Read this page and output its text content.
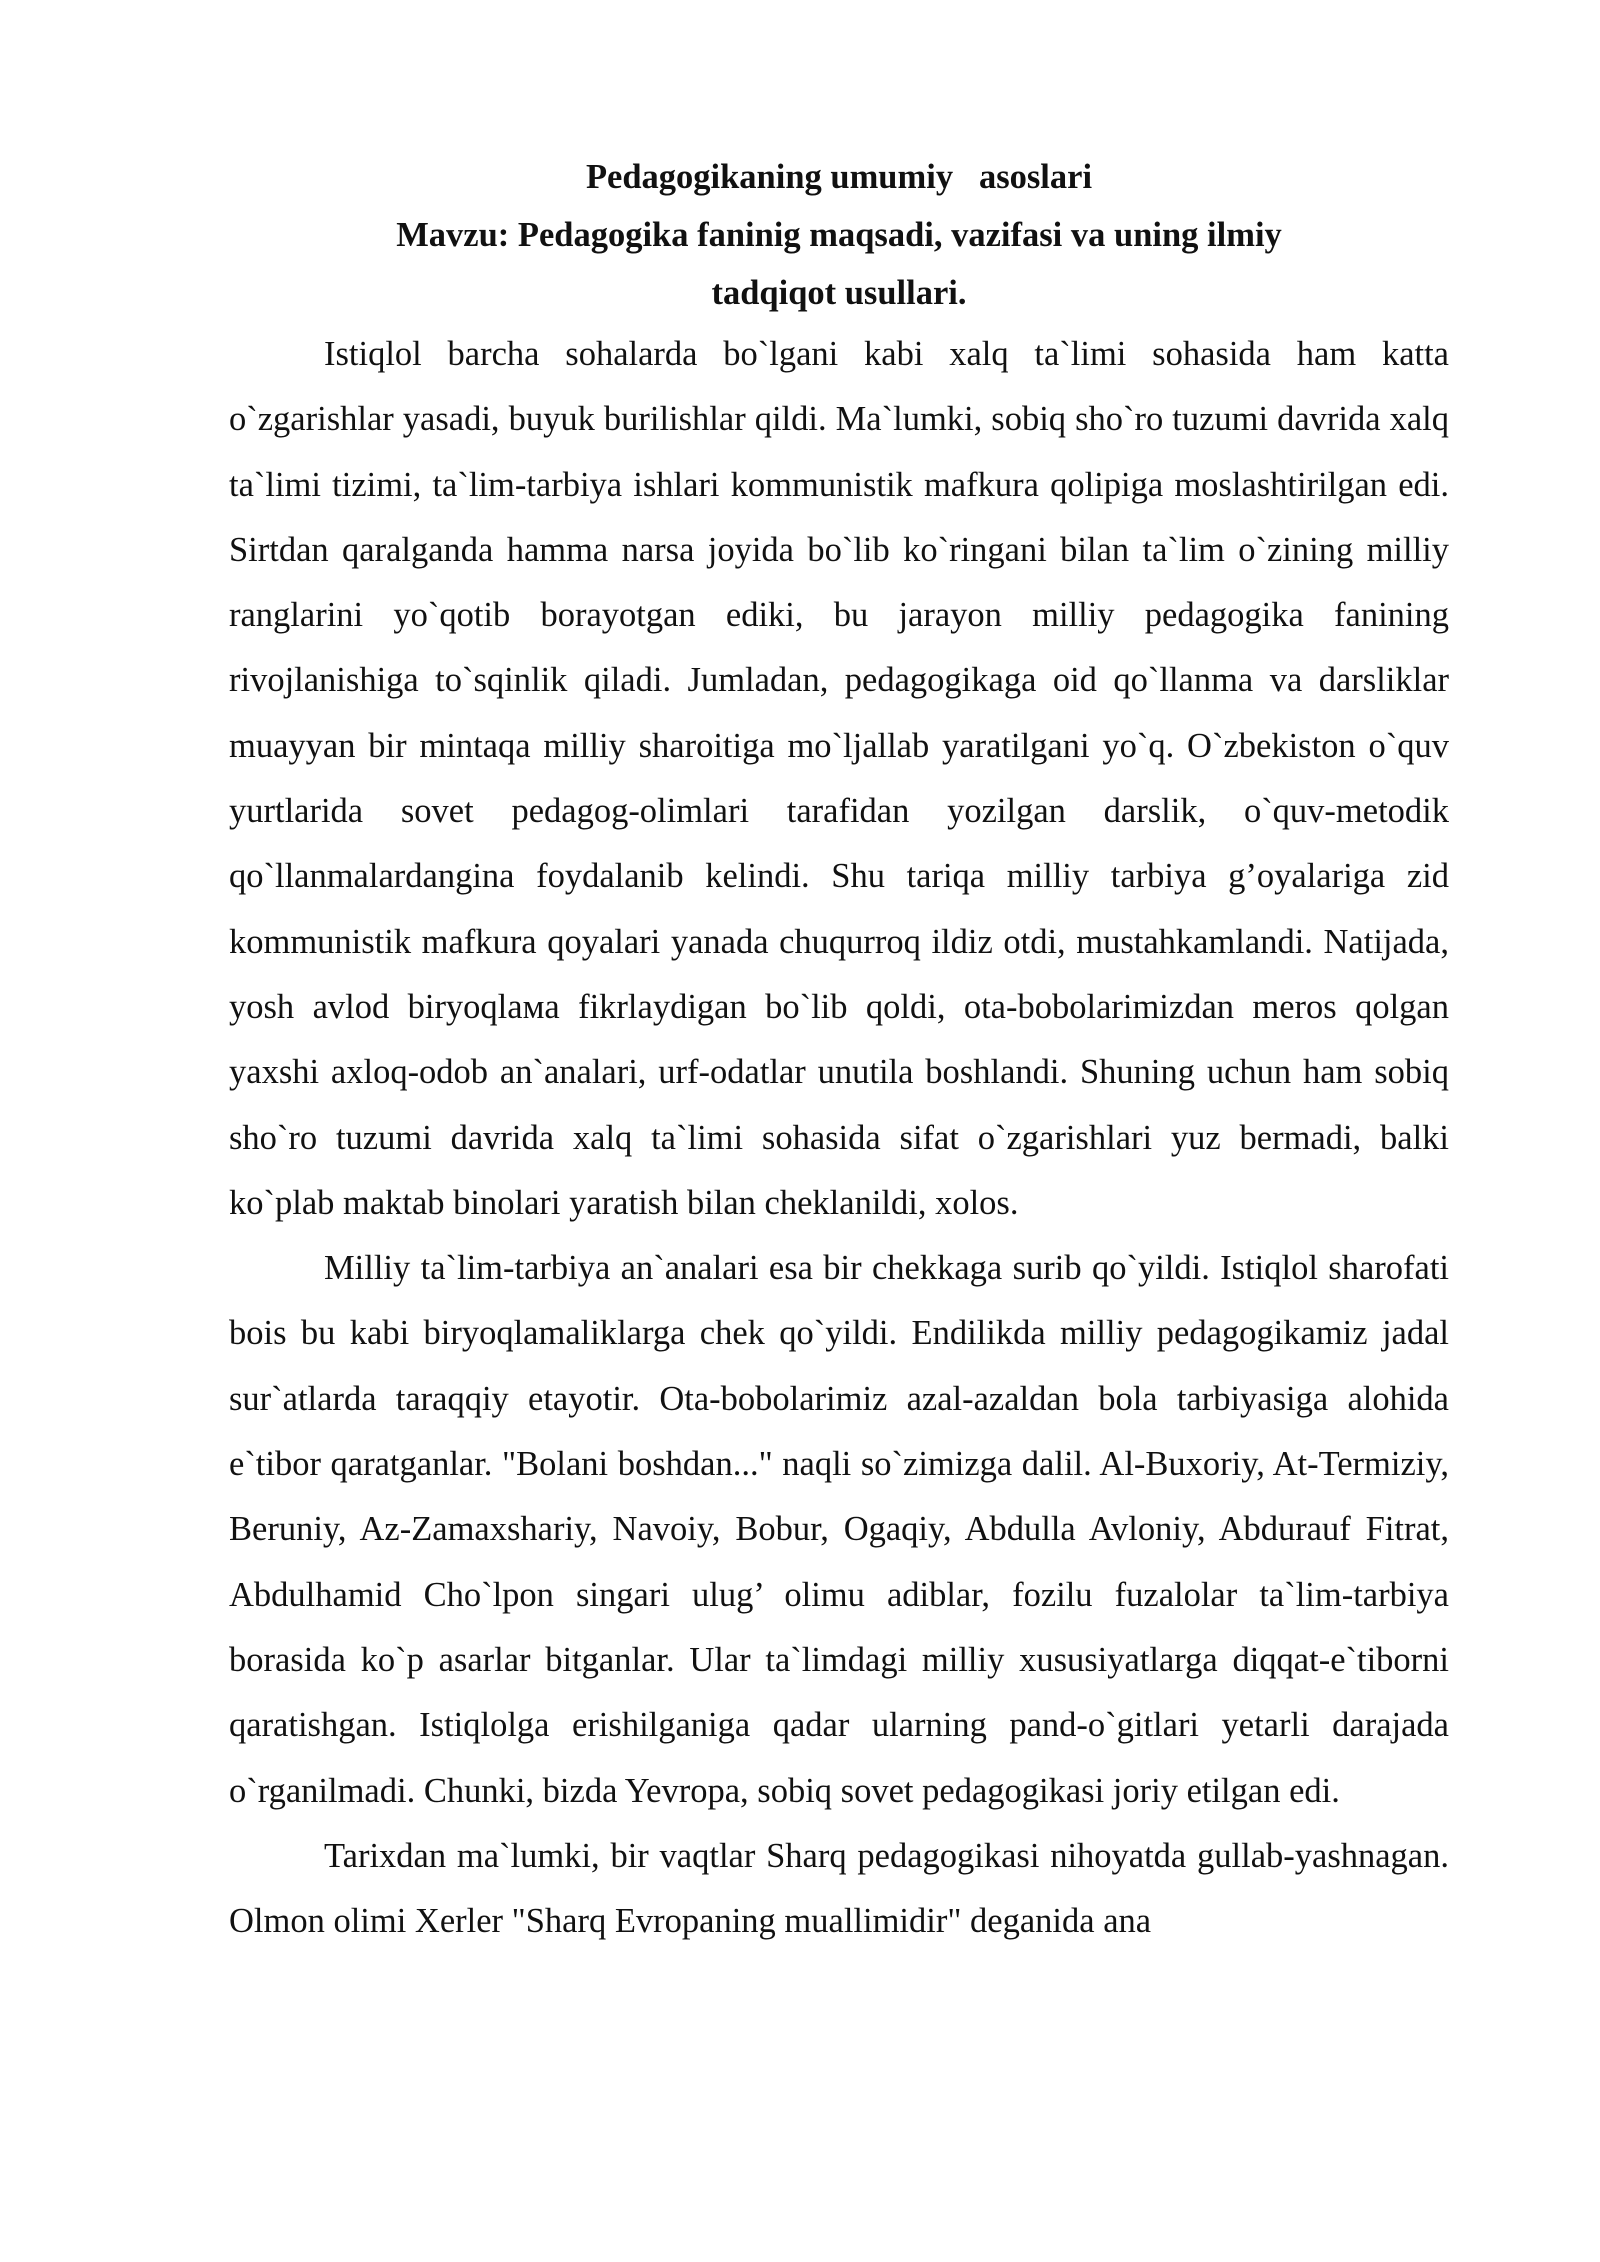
Pedagogikaning umumiy   asoslari

Mavzu: Pedagogika faninig maqsadi, vazifasi va uning ilmiy

tadqiqot usullari.

Istiqlol barcha sohalarda bo`lgani kabi xalq ta`limi sohasida ham katta o`zgarishlar yasadi, buyuk burilishlar qildi. Ma`lumki, sobiq sho`ro tuzumi davrida xalq ta`limi tizimi, ta`lim-tarbiya ishlari kommunistik mafkura qolipiga moslashtirilgan edi. Sirtdan qaralganda hamma narsa joyida bo`lib ko`ringani bilan ta`lim o`zining milliy ranglarini yo`qotib borayotgan ediki, bu jarayon milliy pedagogika fanining rivojlanishiga to`sqinlik qiladi. Jumladan, pedagogikaga oid qo`llanma va darsliklar muayyan bir mintaqa milliy sharoitiga mo`ljallab yaratilgani yo`q. O`zbekiston o`quv yurtlarida sovet pedagog-olimlari tarafidan yozilgan darslik, o`quv-metodik qo`llanmalardangina foydalanib kelindi. Shu tariqa milliy tarbiya g’oyalariga zid kommunistik mafkura qoyalari yanada chuqurroq ildiz otdi, mustahkamlandi. Natijada, yosh avlod biryoqlaмa fikrlaydigan bo`lib qoldi, ota-bobolarimizdan meros qolgan yaxshi axloq-odob an`analari, urf-odatlar unutila boshlandi. Shuning uchun ham sobiq sho`ro tuzumi davrida xalq ta`limi sohasida sifat o`zgarishlari yuz bermadi, balki ko`plab maktab binolari yaratish bilan cheklanildi, xolos.

Milliy ta`lim-tarbiya an`analari esa bir chekkaga surib qo`yildi. Istiqlol sharofati bois bu kabi biryoqlamaliklarga chek qo`yildi. Endilikda milliy pedagogikamiz jadal sur`atlarda taraqqiy etayotir. Ota-bobolarimiz azal-azaldan bola tarbiyasiga alohida e`tibor qaratganlar. "Bolani boshdan..." naqli so`zimizga dalil. Al-Buxoriy, At-Termiziy, Beruniy, Az-Zamaxshariy, Navoiy, Bobur, Ogaqiy, Abdulla Avloniy, Abdurauf Fitrat, Abdulhamid Cho`lpon singari ulug’ olimu adiblar, fozilu fuzalolar ta`lim-tarbiya borasida ko`p asarlar bitganlar. Ular ta`limdagi milliy xususiyatlarga diqqat-e`tiborni qaratishgan. Istiqlolga erishilganiga qadar ularning pand-o`gitlari yetarli darajada o`rganilmadi. Chunki, bizda Yevropa, sobiq sovet pedagogikasi joriy etilgan edi.

Tarixdan ma`lumki, bir vaqtlar Sharq pedagogikasi nihoyatda gullab-yashnagan. Olmon olimi Xerler "Sharq Evropaning muallimidir" deganida ana
